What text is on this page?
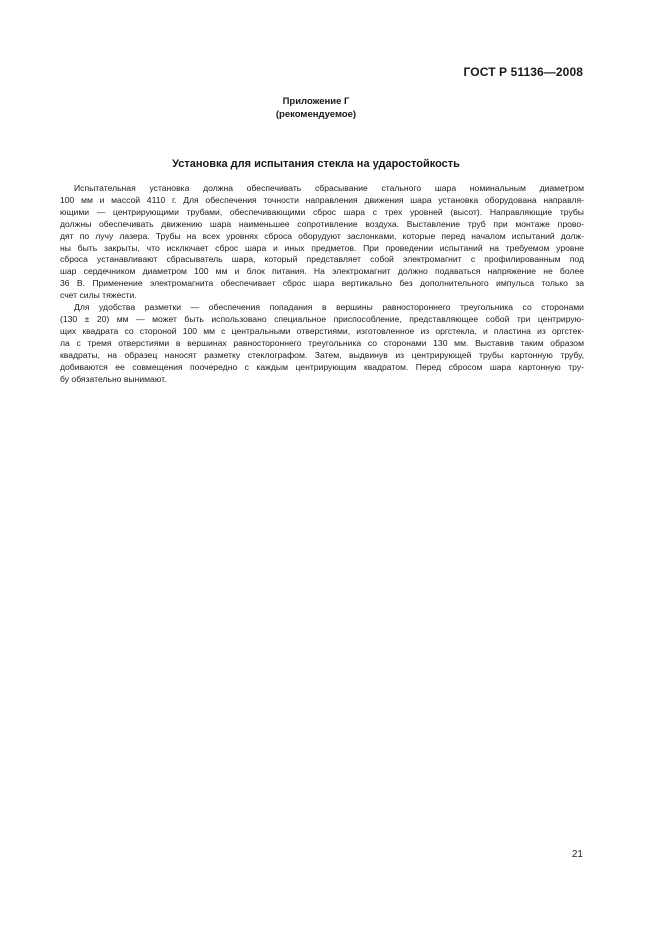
ГОСТ Р 51136—2008
Приложение Г
(рекомендуемое)
Установка для испытания стекла на ударостойкость
Испытательная установка должна обеспечивать сбрасывание стального шара номинальным диаметром
100 мм и массой 4110 г. Для обеспечения точности направления движения шара установка оборудована направля-
ющими — центрирующими трубами, обеспечивающими сброс шара с трех уровней (высот). Направляющие трубы
должны обеспечивать движению шара наименьшее сопротивление воздуха. Выставление труб при монтаже прово-
дят по лучу лазера. Трубы на всех уровнях сброса оборудуют заслонками, которые перед началом испытаний долж-
ны быть закрыты, что исключает сброс шара и иных предметов. При проведении испытаний на требуемом уровне
сброса устанавливают сбрасыватель шара, который представляет собой электромагнит с профилированным под
шар сердечником диаметром 100 мм и блок питания. На электромагнит должно подаваться напряжение не более
36 В. Применение электромагнита обеспечивает сброс шара вертикально без дополнительного импульса только за
счет силы тяжести.
Для удобства разметки — обеспечения попадания в вершины равностороннего треугольника со сторонами
(130 ± 20) мм — может быть использовано специальное приспособление, представляющее собой три центрирую-
щих квадрата со стороной 100 мм с центральными отверстиями, изготовленное из оргстекла, и пластина из оргстек-
ла с тремя отверстиями в вершинах равностороннего треугольника со сторонами 130 мм. Выставив таким образом
квадраты, на образец наносят разметку стеклографом. Затем, выдвинув из центрирующей трубы картонную трубу,
добиваются ее совмещения поочередно с каждым центрирующим квадратом. Перед сбросом шара картонную тру-
бу обязательно вынимают.
21
